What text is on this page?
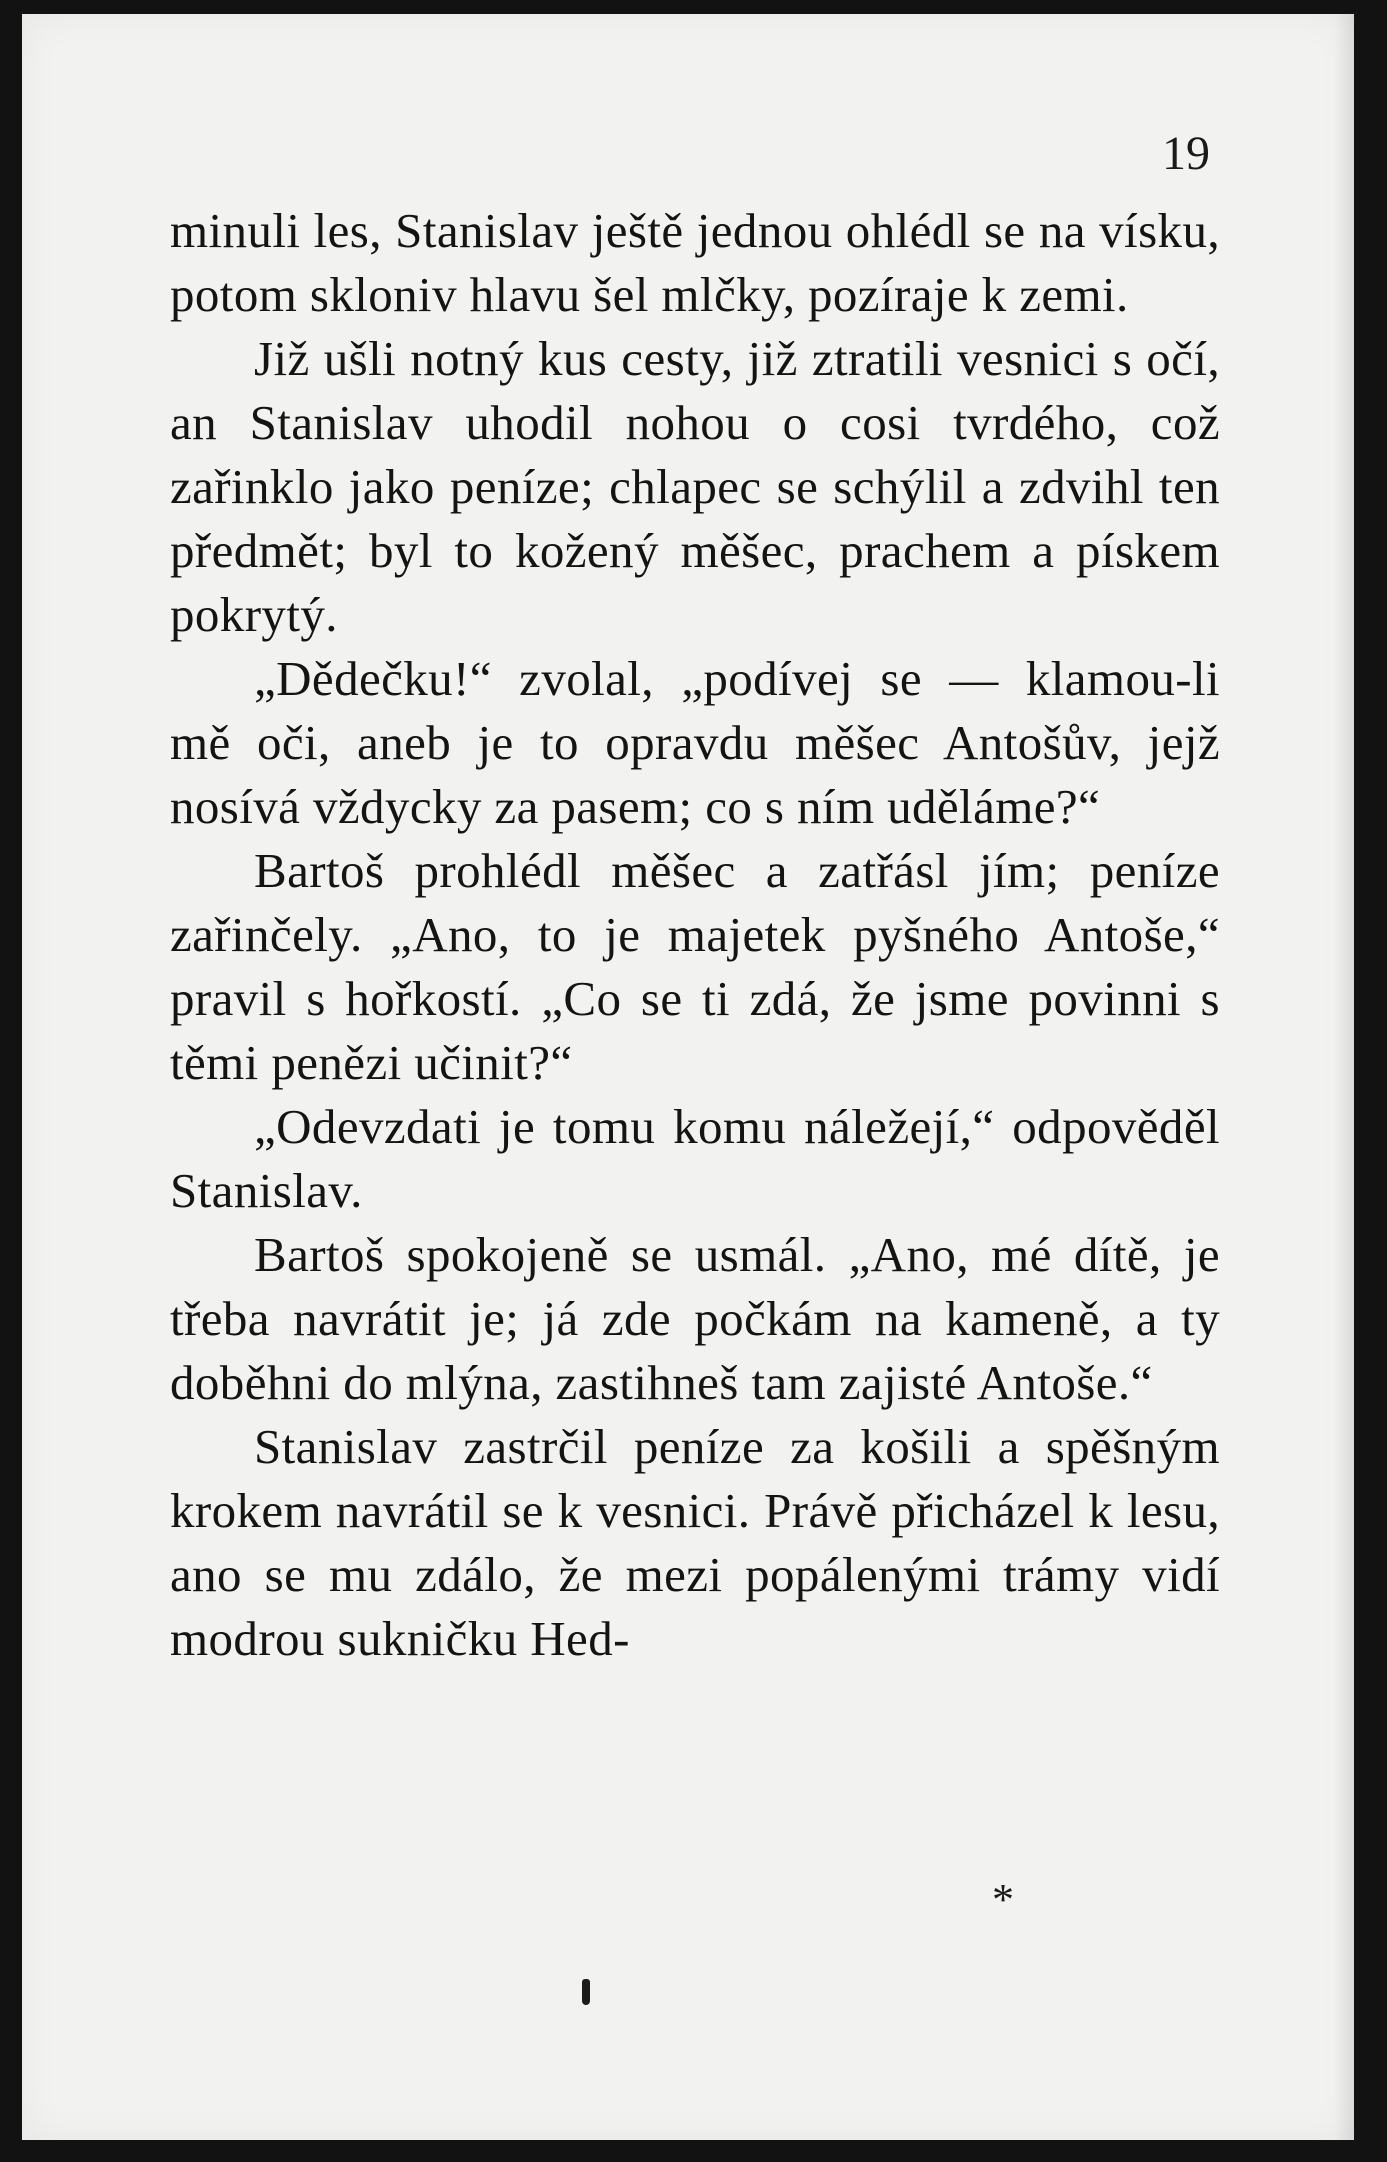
19

minuli les, Stanislav ještě jednou ohlédl se na vísku, potom skloniv hlavu šel mlčky, pozíraje k zemi.

Již ušli notný kus cesty, již ztratili vesnici s očí, an Stanislav uhodil nohou o cosi tvrdého, což zařinklo jako peníze; chlapec se schýlil a zdvihl ten předmět; byl to kožený měšec, prachem a pískem pokrytý.

„Dědečku!“ zvolal, „podívej se — klamou-li mě oči, aneb je to opravdu měšec Antošův, jejž nosívá vždycky za pasem; co s ním uděláme?“

Bartoš prohlédl měšec a zatřásl jím; peníze zařinčely. „Ano, to je majetek pyšného Antoše,“ pravil s hořkostí. „Co se ti zdá, že jsme povinni s těmi penězi učinit?“

„Odevzdati je tomu komu náležejí,“ odpověděl Stanislav.

Bartoš spokojeně se usmál. „Ano, mé dítě, je třeba navrátit je; já zde počkám na kameně, a ty doběhni do mlýna, zastihneš tam zajisté Antoše.“

Stanislav zastrčil peníze za košili a spěšným krokem navrátil se k vesnici. Právě přicházel k lesu, ano se mu zdálo, že mezi popálenými trámy vidí modrou sukničku Hed-

*
